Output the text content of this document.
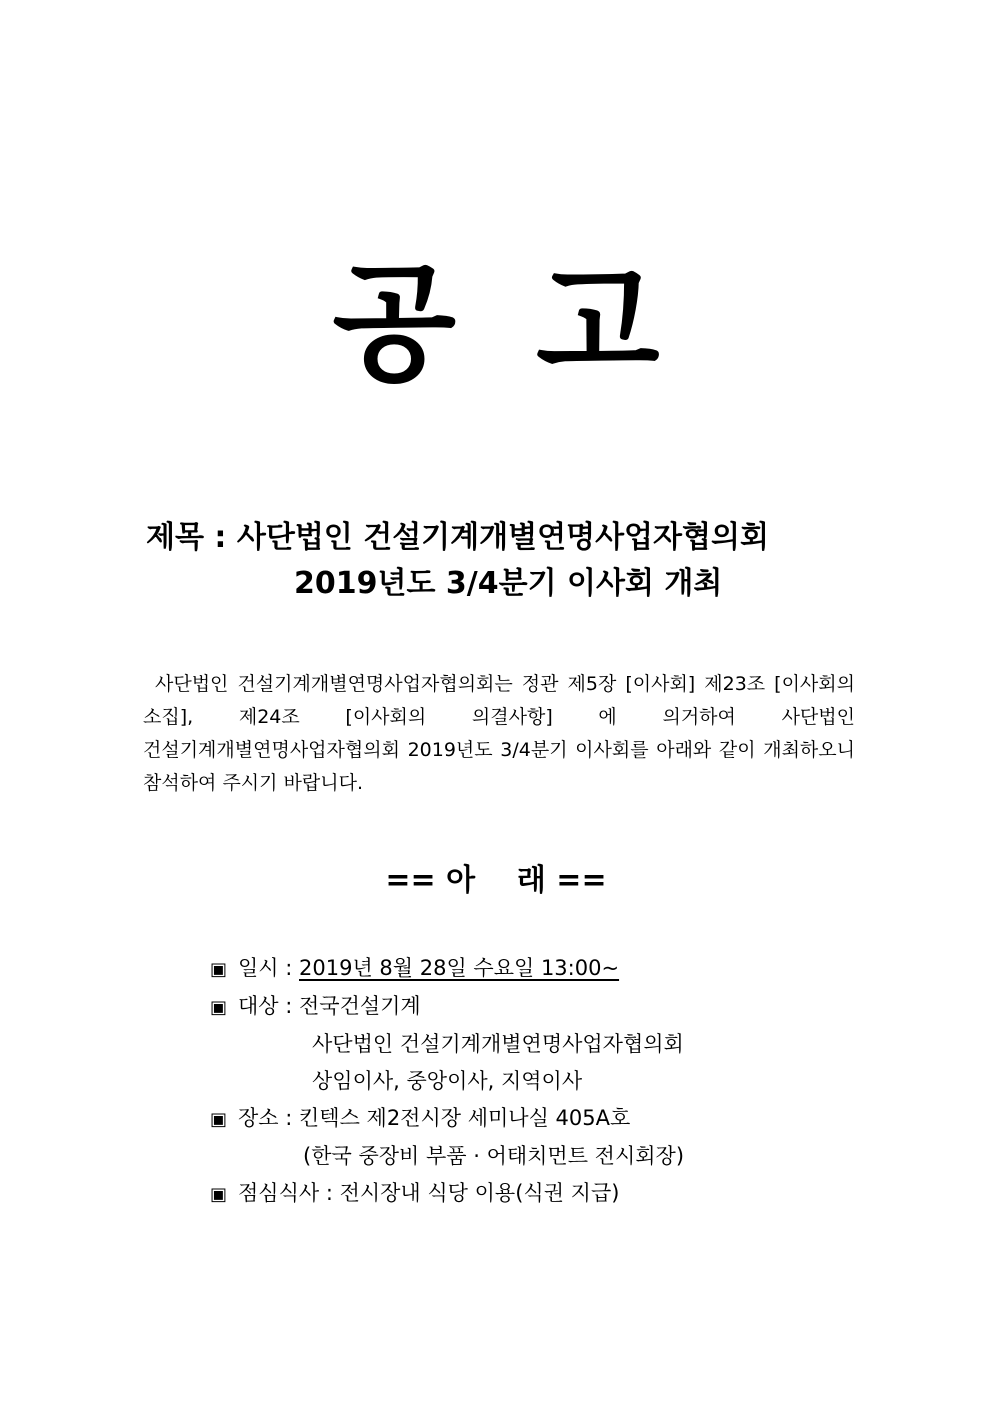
공고
제목 : 사단법인 건설기계개별연명사업자협의회
2019년도 3/4분기 이사회 개최
사단법인 건설기계개별연명사업자협의회는 정관 제5장 [이사회] 제23조 [이사회의 소집], 제24조 [이사회의 의결사항] 에 의거하여 사단법인 건설기계개별연명사업자협의회 2019년도 3/4분기 이사회를 아래와 같이 개최하오니 참석하여 주시기 바랍니다.
== 아    래 ==
▣ 일시 : 2019년 8월 28일 수요일 13:00~
▣ 대상 : 전국건설기계
사단법인 건설기계개별연명사업자협의회
상임이사, 중앙이사, 지역이사
▣ 장소 : 킨텍스 제2전시장 세미나실 405A호
(한국 중장비 부품 · 어태치먼트 전시회장)
▣ 점심식사 : 전시장내 식당 이용(식권 지급)
